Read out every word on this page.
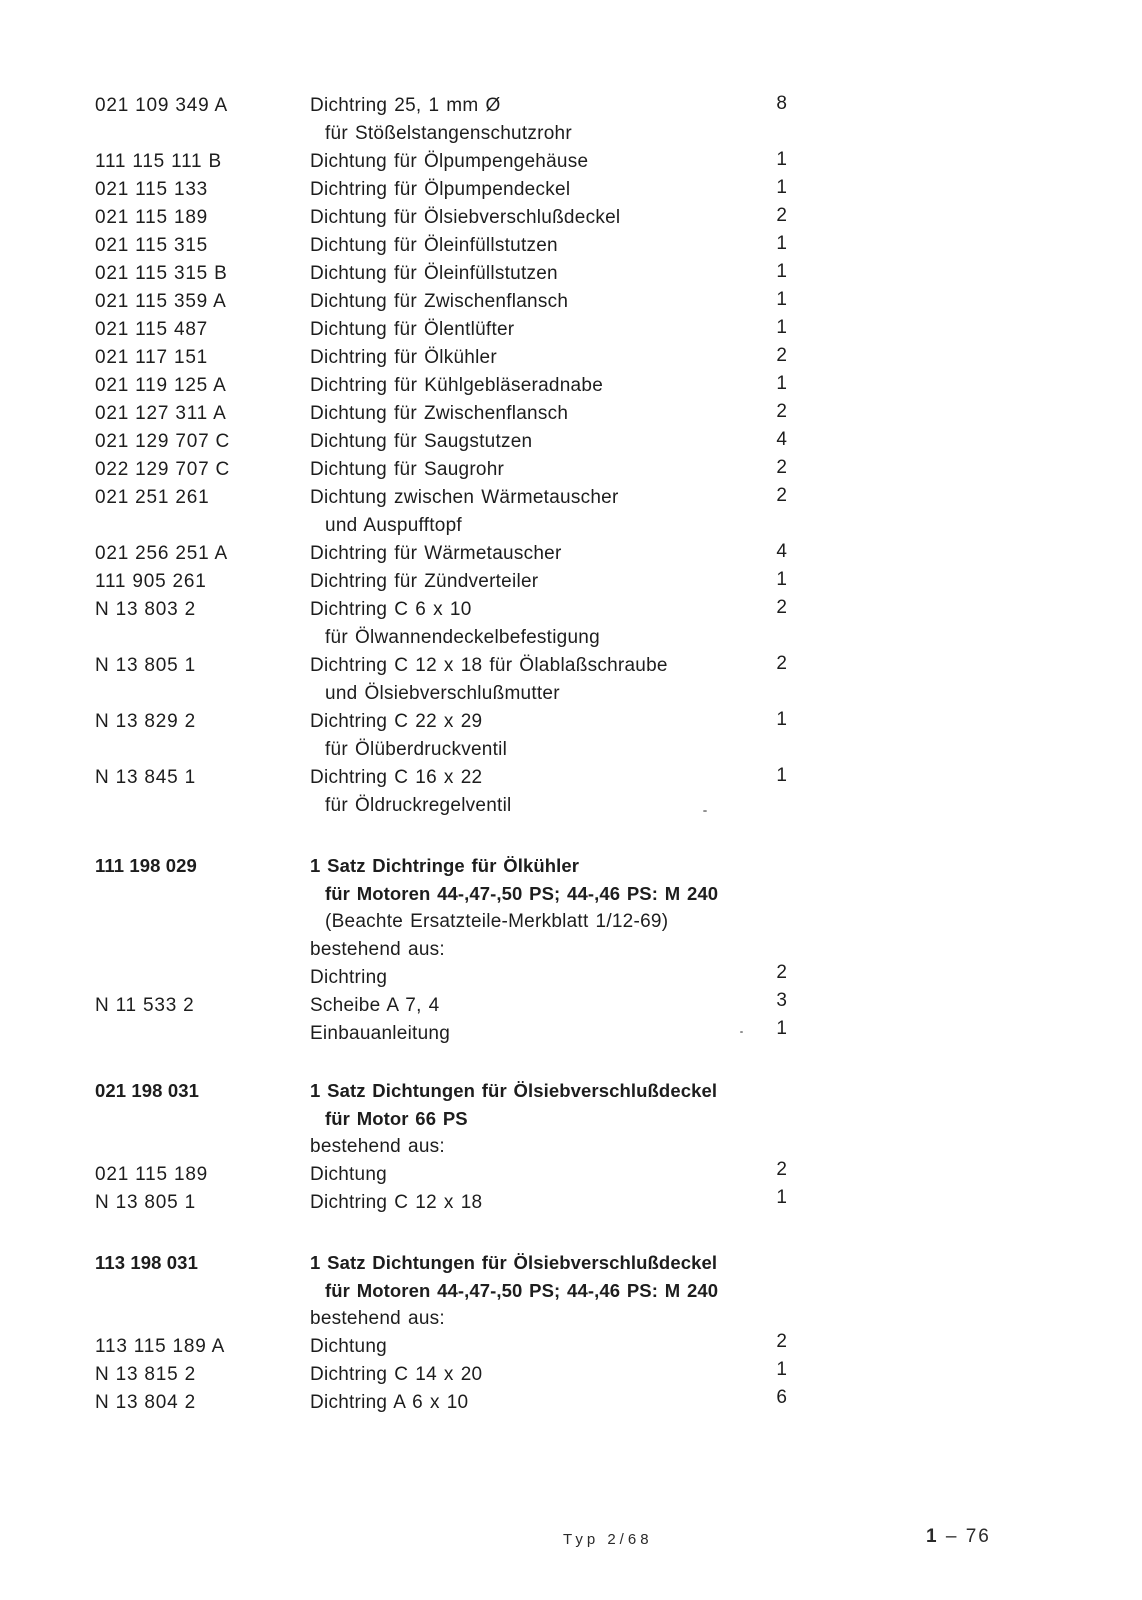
021 109 349 A	Dichtring 25, 1 mm Ø	8
für Stößelstangenschutzrohr
111 115 111 B	Dichtung für Ölpumpengehäuse	1
021 115 133	Dichtring für Ölpumpendeckel	1
021 115 189	Dichtung für Ölsiebverschlußdeckel	2
021 115 315	Dichtung für Öleinfüllstutzen	1
021 115 315 B	Dichtung für Öleinfüllstutzen	1
021 115 359 A	Dichtung für Zwischenflansch	1
021 115 487	Dichtung für Ölentlüfter	1
021 117 151	Dichtring für Ölkühler	2
021 119 125 A	Dichtring für Kühlgebläseradnabe	1
021 127 311 A	Dichtung für Zwischenflansch	2
021 129 707 C	Dichtung für Saugstutzen	4
022 129 707 C	Dichtung für Saugrohr	2
021 251 261	Dichtung zwischen Wärmetauscher	2
und Auspufftopf
021 256 251 A	Dichtring für Wärmetauscher	4
111 905 261	Dichtring für Zündverteiler	1
N 13 803 2	Dichtring C 6 x 10	2
für Ölwannendeckelbefestigung
N 13 805 1	Dichtring C 12 x 18 für Ölablaßschraube	2
und Ölsiebverschlußmutter
N 13 829 2	Dichtring C 22 x 29	1
für Ölüberdruckventil
N 13 845 1	Dichtring C 16 x 22	1
für Öldruckregelventil
111 198 029	1 Satz Dichtringe für Ölkühler
für Motoren 44-,47-,50 PS; 44-,46 PS: M 240
(Beachte Ersatzteile-Merkblatt 1/12-69)
bestehend aus:
Dichtring	2
N 11 533 2	Scheibe A 7, 4	3
Einbauanleitung	1
021 198 031	1 Satz Dichtungen für Ölsiebverschlußdeckel
für Motor 66 PS
bestehend aus:
021 115 189	Dichtung	2
N 13 805 1	Dichtring C 12 x 18	1
113 198 031	1 Satz Dichtungen für Ölsiebverschlußdeckel
für Motoren 44-,47-,50 PS; 44-,46 PS: M 240
bestehend aus:
113 115 189 A	Dichtung	2
N 13 815 2	Dichtring C 14 x 20	1
N 13 804 2	Dichtring A 6 x 10	6
Typ 2/68	1 – 76
